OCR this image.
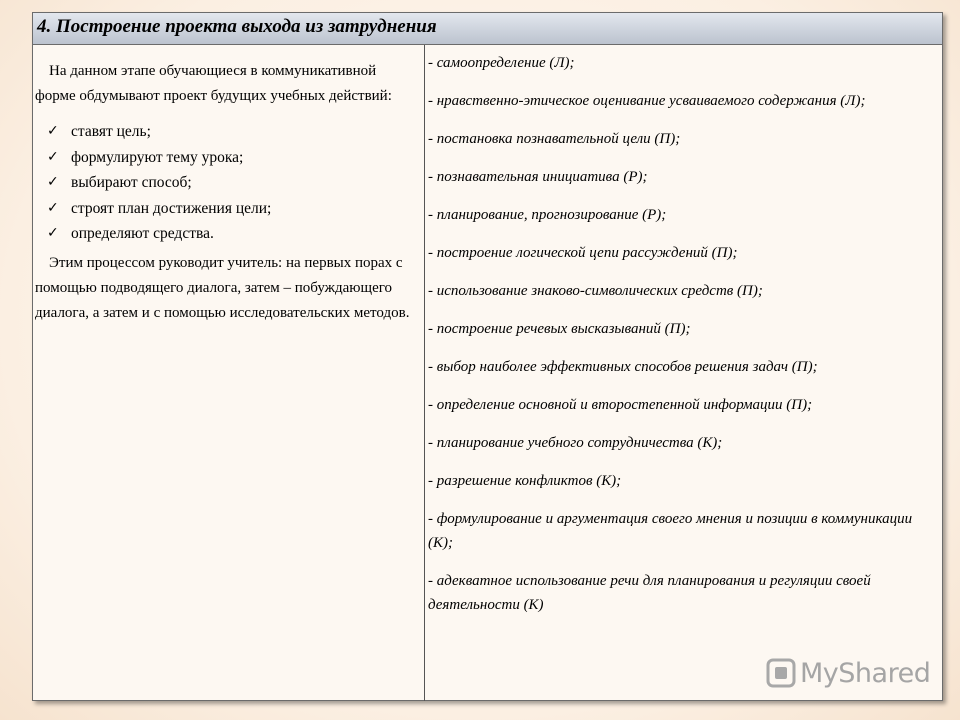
4. Построение проекта выхода из затруднения

На данном этапе обучающиеся в коммуникативной форме обдумывают проект будущих учебных действий:

✓ ставят цель;
✓ формулируют тему урока;
✓ выбирают способ;
✓ строят план достижения цели;
✓ определяют средства.

Этим процессом руководит учитель: на первых порах с помощью подводящего диалога, затем – побуждающего диалога, а затем и с помощью исследовательских методов.

- самоопределение (Л);

- нравственно-этическое оценивание усваиваемого содержания (Л);

- постановка познавательной цели (П);

- познавательная инициатива (Р);

- планирование, прогнозирование (Р);

- построение логической цепи рассуждений (П);

- использование знаково-символических средств (П);

- построение речевых высказываний (П);

- выбор наиболее эффективных способов решения задач (П);

- определение основной и второстепенной информации (П);

- планирование учебного сотрудничества (К);

- разрешение конфликтов (К);

- формулирование и аргументация своего мнения и позиции в коммуникации (К);

- адекватное использование речи для планирования и регуляции своей деятельности (К)

MyShared
